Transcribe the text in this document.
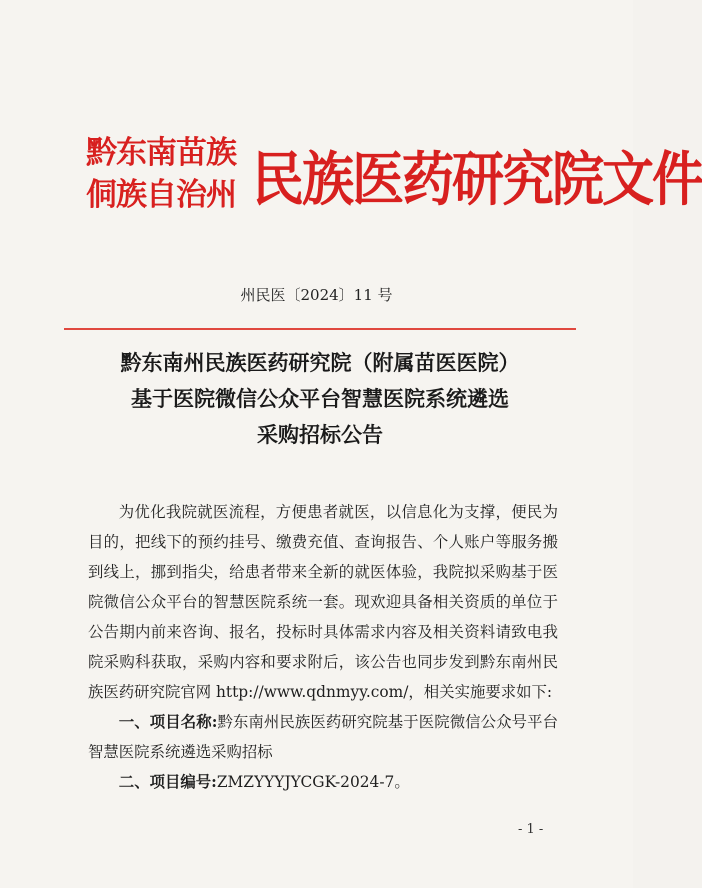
黔东南苗族
侗族自治州 民族医药研究院文件
州民医〔2024〕11 号
黔东南州民族医药研究院（附属苗医医院）
基于医院微信公众平台智慧医院系统遴选
采购招标公告

为优化我院就医流程，方便患者就医，以信息化为支撑，便民为目的，把线下的预约挂号、缴费充值、查询报告、个人账户等服务搬到线上，挪到指尖，给患者带来全新的就医体验，我院拟采购基于医院微信公众平台的智慧医院系统一套。现欢迎具备相关资质的单位于公告期内前来咨询、报名，投标时具体需求内容及相关资料请致电我院采购科获取，采购内容和要求附后，该公告也同步发到黔东南州民族医药研究院官网 http://www.qdnmyy.com/，相关实施要求如下:

一、项目名称:黔东南州民族医药研究院基于医院微信公众号平台智慧医院系统遴选采购招标

二、项目编号:ZMZYYYJYCGK-2024-7。

- 1 -
